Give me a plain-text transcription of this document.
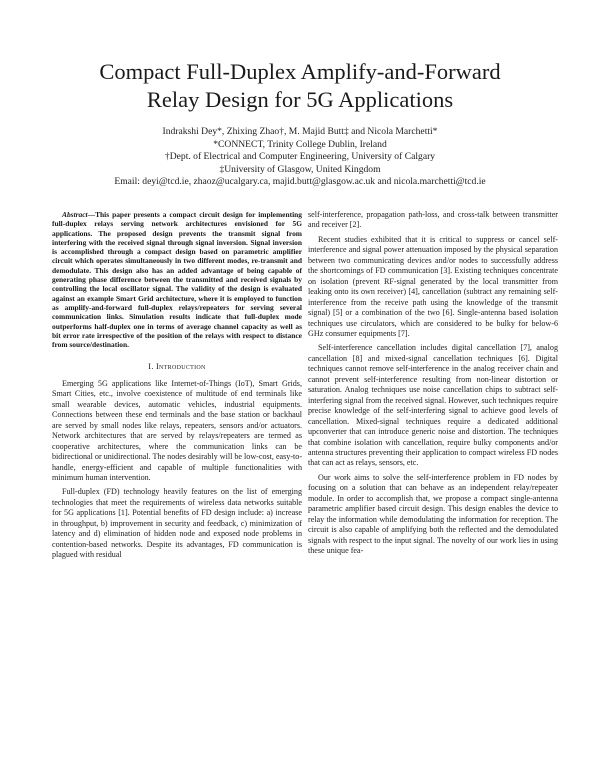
Compact Full-Duplex Amplify-and-Forward
Relay Design for 5G Applications
Indrakshi Dey*, Zhixing Zhao†, M. Majid Butt‡ and Nicola Marchetti*
*CONNECT, Trinity College Dublin, Ireland
†Dept. of Electrical and Computer Engineering, University of Calgary
‡University of Glasgow, United Kingdom
Email: deyi@tcd.ie, zhaoz@ucalgary.ca, majid.butt@glasgow.ac.uk and nicola.marchetti@tcd.ie

Abstract—This paper presents a compact circuit design for implementing full-duplex relays serving network architectures envisioned for 5G applications. The proposed design prevents the transmit signal from interfering with the received signal through signal inversion. Signal inversion is accomplished through a compact design based on parametric amplifier circuit which operates simultaneously in two different modes, re-transmit and demodulate. This design also has an added advantage of being capable of generating phase difference between the transmitted and received signals by controlling the local oscillator signal. The validity of the design is evaluated against an example Smart Grid architecture, where it is employed to function as amplify-and-forward full-duplex relays/repeaters for serving several communication links. Simulation results indicate that full-duplex mode outperforms half-duplex one in terms of average channel capacity as well as bit error rate irrespective of the position of the relays with respect to distance from source/destination.

I. Introduction

Emerging 5G applications like Internet-of-Things (IoT), Smart Grids, Smart Cities, etc., involve coexistence of multitude of end terminals like small wearable devices, automatic vehicles, industrial equipments. Connections between these end terminals and the base station or backhaul are served by small nodes like relays, repeaters, sensors and/or actuators. Network architectures that are served by relays/repeaters are termed as cooperative architectures, where the communication links can be bidirectional or unidirectional. The nodes desirably will be low-cost, easy-to-handle, energy-efficient and capable of multiple functionalities with minimum human intervention.

Full-duplex (FD) technology heavily features on the list of emerging technologies that meet the requirements of wireless data networks suitable for 5G applications [1]. Potential benefits of FD design include: a) increase in throughput, b) improvement in security and feedback, c) minimization of latency and d) elimination of hidden node and exposed node problems in contention-based networks. Despite its advantages, FD communication is plagued with residual

self-interference, propagation path-loss, and cross-talk between transmitter and receiver [2].

Recent studies exhibited that it is critical to suppress or cancel self-interference and signal power attenuation imposed by the physical separation between two communicating devices and/or nodes to successfully address the shortcomings of FD communication [3]. Existing techniques concentrate on isolation (prevent RF-signal generated by the local transmitter from leaking onto its own receiver) [4], cancellation (subtract any remaining self-interference from the receive path using the knowledge of the transmit signal) [5] or a combination of the two [6]. Single-antenna based isolation techniques use circulators, which are considered to be bulky for below-6 GHz consumer equipments [7].

Self-interference cancellation includes digital cancellation [7], analog cancellation [8] and mixed-signal cancellation techniques [6]. Digital techniques cannot remove self-interference in the analog receiver chain and cannot prevent self-interference resulting from non-linear distortion or saturation. Analog techniques use noise cancellation chips to subtract self-interfering signal from the received signal. However, such techniques require precise knowledge of the self-interfering signal to achieve good levels of cancellation. Mixed-signal techniques require a dedicated additional upconverter that can introduce generic noise and distortion. The techniques that combine isolation with cancellation, require bulky components and/or antenna structures preventing their application to compact wireless FD nodes that can act as relays, sensors, etc.

Our work aims to solve the self-interference problem in FD nodes by focusing on a solution that can behave as an independent relay/repeater module. In order to accomplish that, we propose a compact single-antenna parametric amplifier based circuit design. This design enables the device to relay the information while demodulating the information for reception. The circuit is also capable of amplifying both the reflected and the demodulated signals with respect to the input signal. The novelty of our work lies in using these unique fea-
